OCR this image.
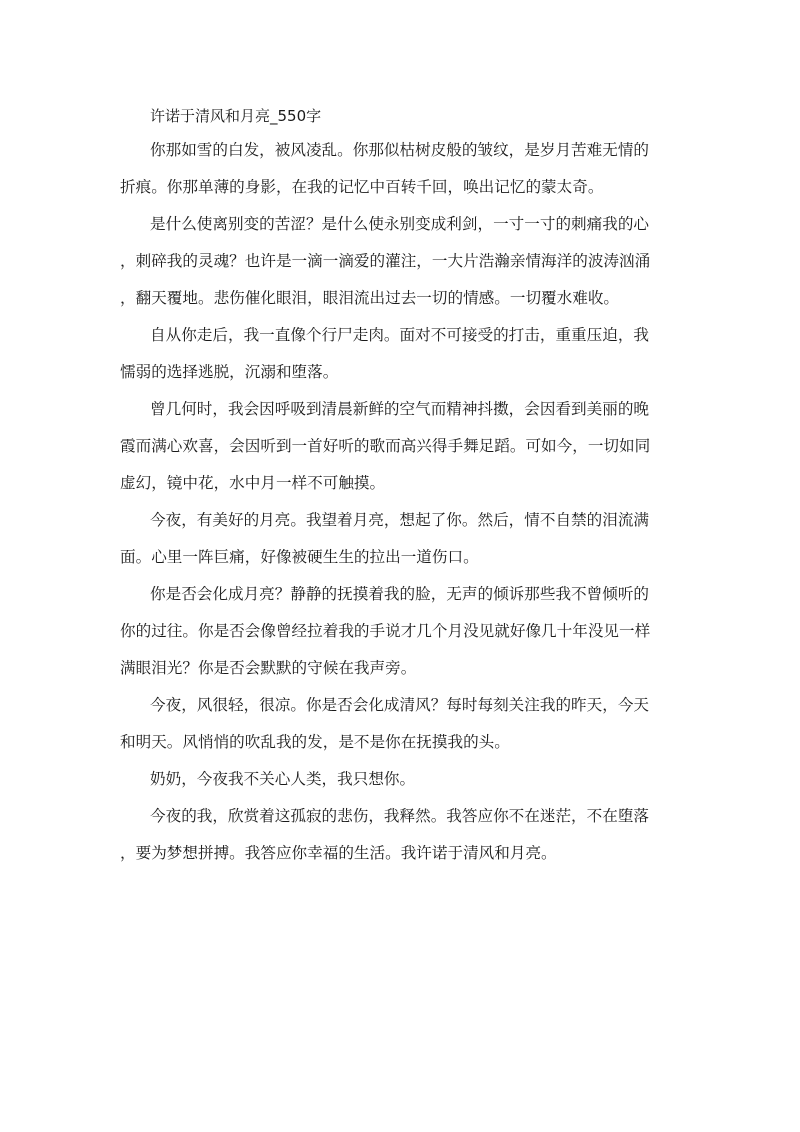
许诺于清风和月亮_550字
你那如雪的白发，被风凌乱。你那似枯树皮般的皱纹，是岁月苦难无情的
折痕。你那单薄的身影，在我的记忆中百转千回，唤出记忆的蒙太奇。
是什么使离别变的苦涩？是什么使永别变成利剑，一寸一寸的刺痛我的心
，刺碎我的灵魂？也许是一滴一滴爱的灌注，一大片浩瀚亲情海洋的波涛汹涌
，翻天覆地。悲伤催化眼泪，眼泪流出过去一切的情感。一切覆水难收。
自从你走后，我一直像个行尸走肉。面对不可接受的打击，重重压迫，我
懦弱的选择逃脱，沉溺和堕落。
曾几何时，我会因呼吸到清晨新鲜的空气而精神抖擞，会因看到美丽的晚
霞而满心欢喜，会因听到一首好听的歌而高兴得手舞足蹈。可如今，一切如同
虚幻，镜中花，水中月一样不可触摸。
今夜，有美好的月亮。我望着月亮，想起了你。然后，情不自禁的泪流满
面。心里一阵巨痛，好像被硬生生的拉出一道伤口。
你是否会化成月亮？静静的抚摸着我的脸，无声的倾诉那些我不曾倾听的
你的过往。你是否会像曾经拉着我的手说才几个月没见就好像几十年没见一样
满眼泪光？你是否会默默的守候在我声旁。
今夜，风很轻，很凉。你是否会化成清风？每时每刻关注我的昨天，今天
和明天。风悄悄的吹乱我的发，是不是你在抚摸我的头。
奶奶，今夜我不关心人类，我只想你。
今夜的我，欣赏着这孤寂的悲伤，我释然。我答应你不在迷茫，不在堕落
，要为梦想拼搏。我答应你幸福的生活。我许诺于清风和月亮。
